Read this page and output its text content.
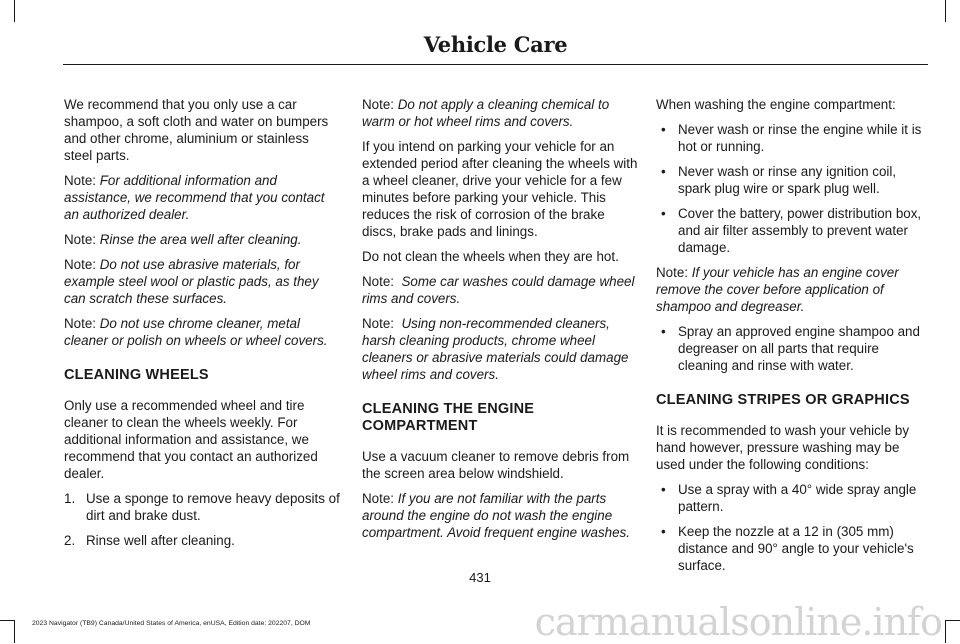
Vehicle Care

We recommend that you only use a car shampoo, a soft cloth and water on bumpers and other chrome, aluminium or stainless steel parts.

Note: For additional information and assistance, we recommend that you contact an authorized dealer.

Note: Rinse the area well after cleaning.

Note: Do not use abrasive materials, for example steel wool or plastic pads, as they can scratch these surfaces.

Note: Do not use chrome cleaner, metal cleaner or polish on wheels or wheel covers.

CLEANING WHEELS

Only use a recommended wheel and tire cleaner to clean the wheels weekly. For additional information and assistance, we recommend that you contact an authorized dealer.

1. Use a sponge to remove heavy deposits of dirt and brake dust.
2. Rinse well after cleaning.

Note: Do not apply a cleaning chemical to warm or hot wheel rims and covers.

If you intend on parking your vehicle for an extended period after cleaning the wheels with a wheel cleaner, drive your vehicle for a few minutes before parking your vehicle. This reduces the risk of corrosion of the brake discs, brake pads and linings.

Do not clean the wheels when they are hot.

Note: Some car washes could damage wheel rims and covers.

Note: Using non-recommended cleaners, harsh cleaning products, chrome wheel cleaners or abrasive materials could damage wheel rims and covers.

CLEANING THE ENGINE COMPARTMENT

Use a vacuum cleaner to remove debris from the screen area below windshield.

Note: If you are not familiar with the parts around the engine do not wash the engine compartment. Avoid frequent engine washes.

When washing the engine compartment:

• Never wash or rinse the engine while it is hot or running.
• Never wash or rinse any ignition coil, spark plug wire or spark plug well.
• Cover the battery, power distribution box, and air filter assembly to prevent water damage.

Note: If your vehicle has an engine cover remove the cover before application of shampoo and degreaser.

• Spray an approved engine shampoo and degreaser on all parts that require cleaning and rinse with water.
CLEANING STRIPES OR GRAPHICS

It is recommended to wash your vehicle by hand however, pressure washing may be used under the following conditions:

• Use a spray with a 40° wide spray angle pattern.
• Keep the nozzle at a 12 in (305 mm) distance and 90° angle to your vehicle's surface.
431
2023 Navigator (TB9) Canada/United States of America, enUSA, Edition date: 202207, DOM	carmanualsonline.info
